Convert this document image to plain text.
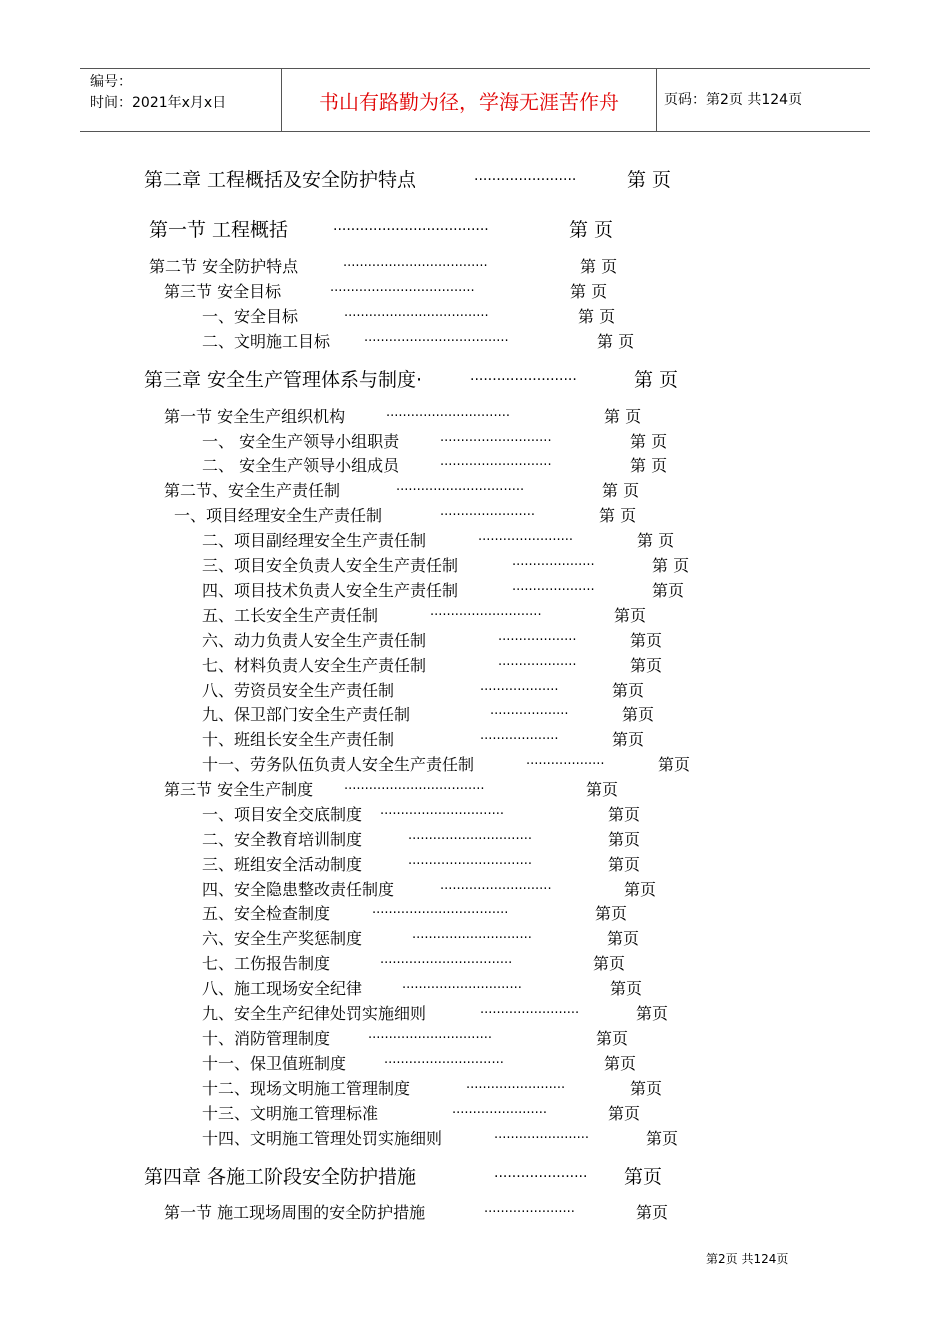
编号：
时间：2021年x月x日	书山有路勤为径，学海无涯苦作舟	页码：第2页 共124页
第二章 工程概括及安全防护特点	·······················	第 页
第一节 工程概括	···································	第 页
第二节 安全防护特点	···································	第 页
第三节 安全目标	···································	第 页
一、安全目标	···································	第 页
二、文明施工目标	···································	第 页
第三章 安全生产管理体系与制度·	························	第 页
第一节 安全生产组织机构	······························	第 页
一、 安全生产领导小组职责	···························	第 页
二、 安全生产领导小组成员	···························	第 页
第二节、安全生产责任制	·······························	第 页
一、项目经理安全生产责任制	·······················	第 页
二、项目副经理安全生产责任制	·······················	第 页
三、项目安全负责人安全生产责任制	····················	第 页
四、项目技术负责人安全生产责任制	····················	第页
五、工长安全生产责任制	···························	第页
六、动力负责人安全生产责任制	···················	第页
七、材料负责人安全生产责任制	···················	第页
八、劳资员安全生产责任制	···················	第页
九、保卫部门安全生产责任制	···················	第页
十、班组长安全生产责任制	···················	第页
十一、劳务队伍负责人安全生产责任制	···················	第页
第三节 安全生产制度 ··································	第页
一、项目安全交底制度 ······························	第页
二、安全教育培训制度	······························	第页
三、班组安全活动制度	······························	第页
四、安全隐患整改责任制度	···························	第页
五、安全检查制度	·································	第页
六、安全生产奖惩制度	·····························	第页
七、工伤报告制度	································	第页
八、施工现场安全纪律	·····························	第页
九、安全生产纪律处罚实施细则	························	第页
十、消防管理制度	······························	第页
十一、保卫值班制度	·····························	第页
十二、现场文明施工管理制度	························	第页
十三、文明施工管理标准	·······················	第页
十四、文明施工管理处罚实施细则	·······················	第页
第四章 各施工阶段安全防护措施	····················· 第页
第一节 施工现场周围的安全防护措施	······················	第页
第2页 共124页
